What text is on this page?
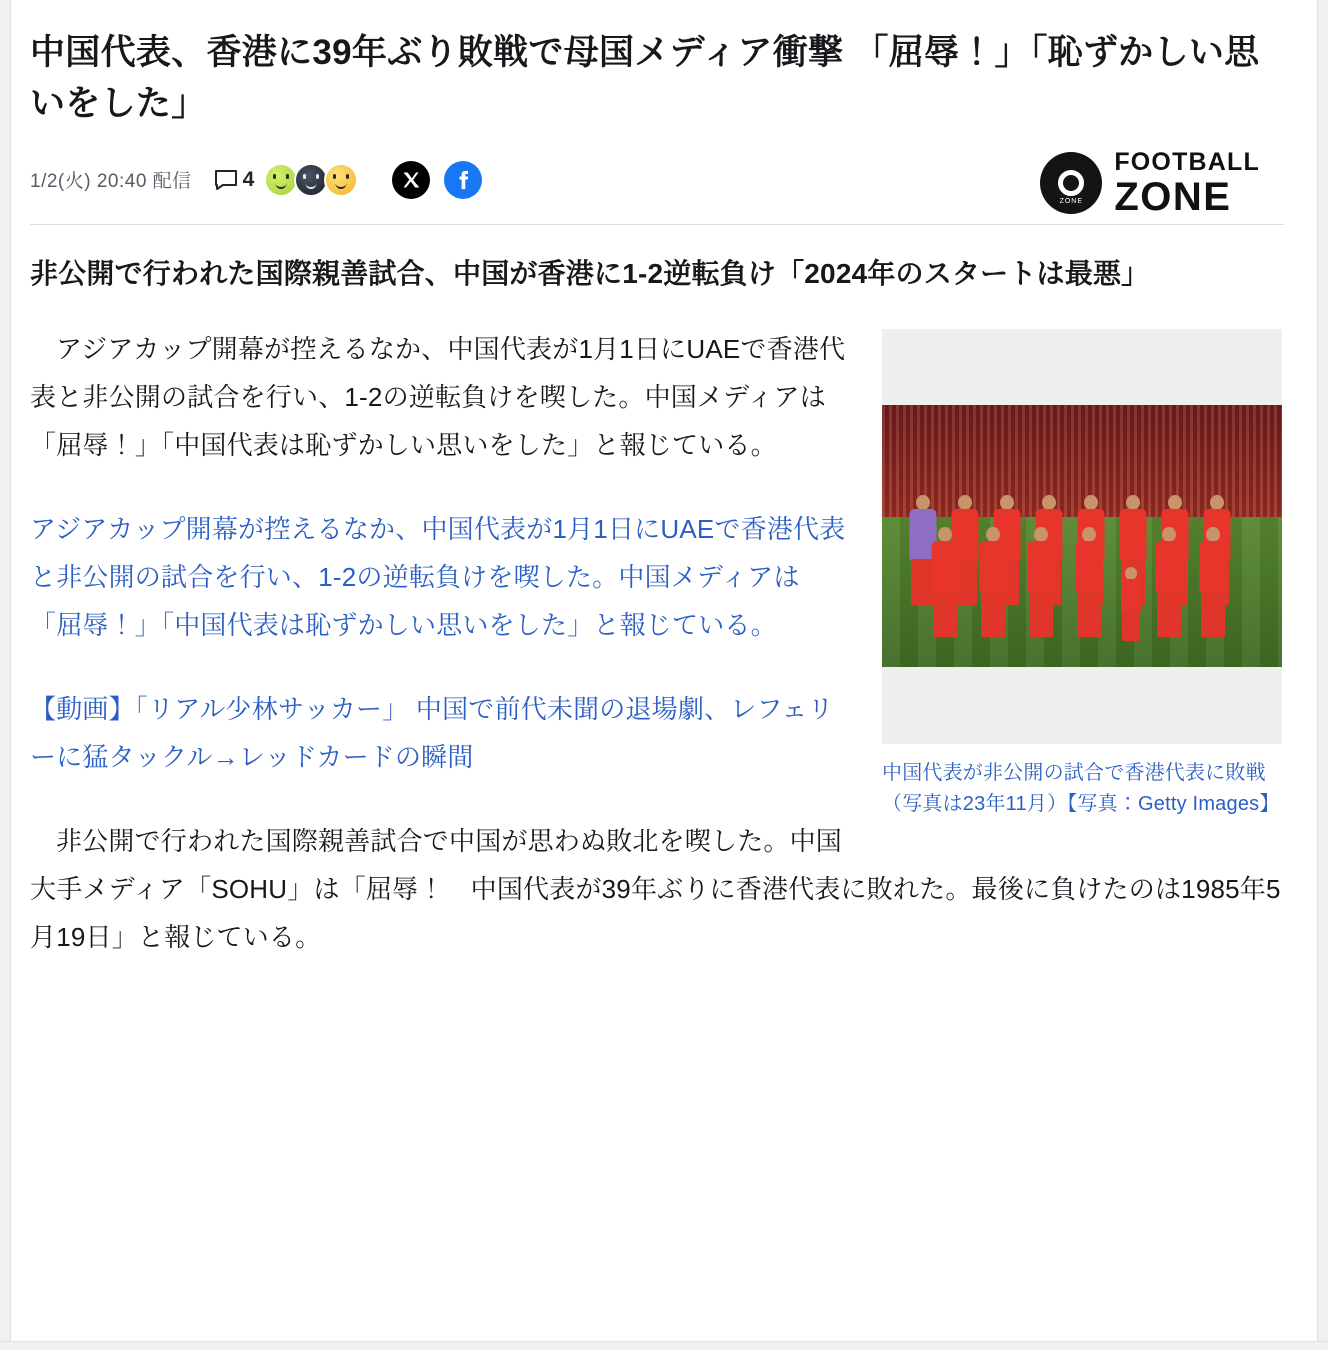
中国代表、香港に39年ぶり敗戦で母国メディア衝撃 「屈辱！」「恥ずかしい思いをした」
1/2(火) 20:40 配信 4
ZONE
FOOTBALL
ZONE
非公開で行われた国際親善試合、中国が香港に1-2逆転負け「2024年のスタートは最悪」
中国代表が非公開の試合で香港代表に敗戦（写真は23年11月）【写真：Getty Images】

アジアカップ開幕が控えるなか、中国代表が1月1日にUAEで香港代表と非公開の試合を行い、1-2の逆転負けを喫した。中国メディアは「屈辱！」「中国代表は恥ずかしい思いをした」と報じている。

アジアカップ開幕が控えるなか、中国代表が1月1日にUAEで香港代表と非公開の試合を行い、1-2の逆転負けを喫した。中国メディアは「屈辱！」「中国代表は恥ずかしい思いをした」と報じている。

【動画】「リアル少林サッカー」 中国で前代未聞の退場劇、レフェリーに猛タックル→レッドカードの瞬間

非公開で行われた国際親善試合で中国が思わぬ敗北を喫した。中国大手メディア「SOHU」は「屈辱！　中国代表が39年ぶりに香港代表に敗れた。最後に負けたのは1985年5月19日」と報じている。
